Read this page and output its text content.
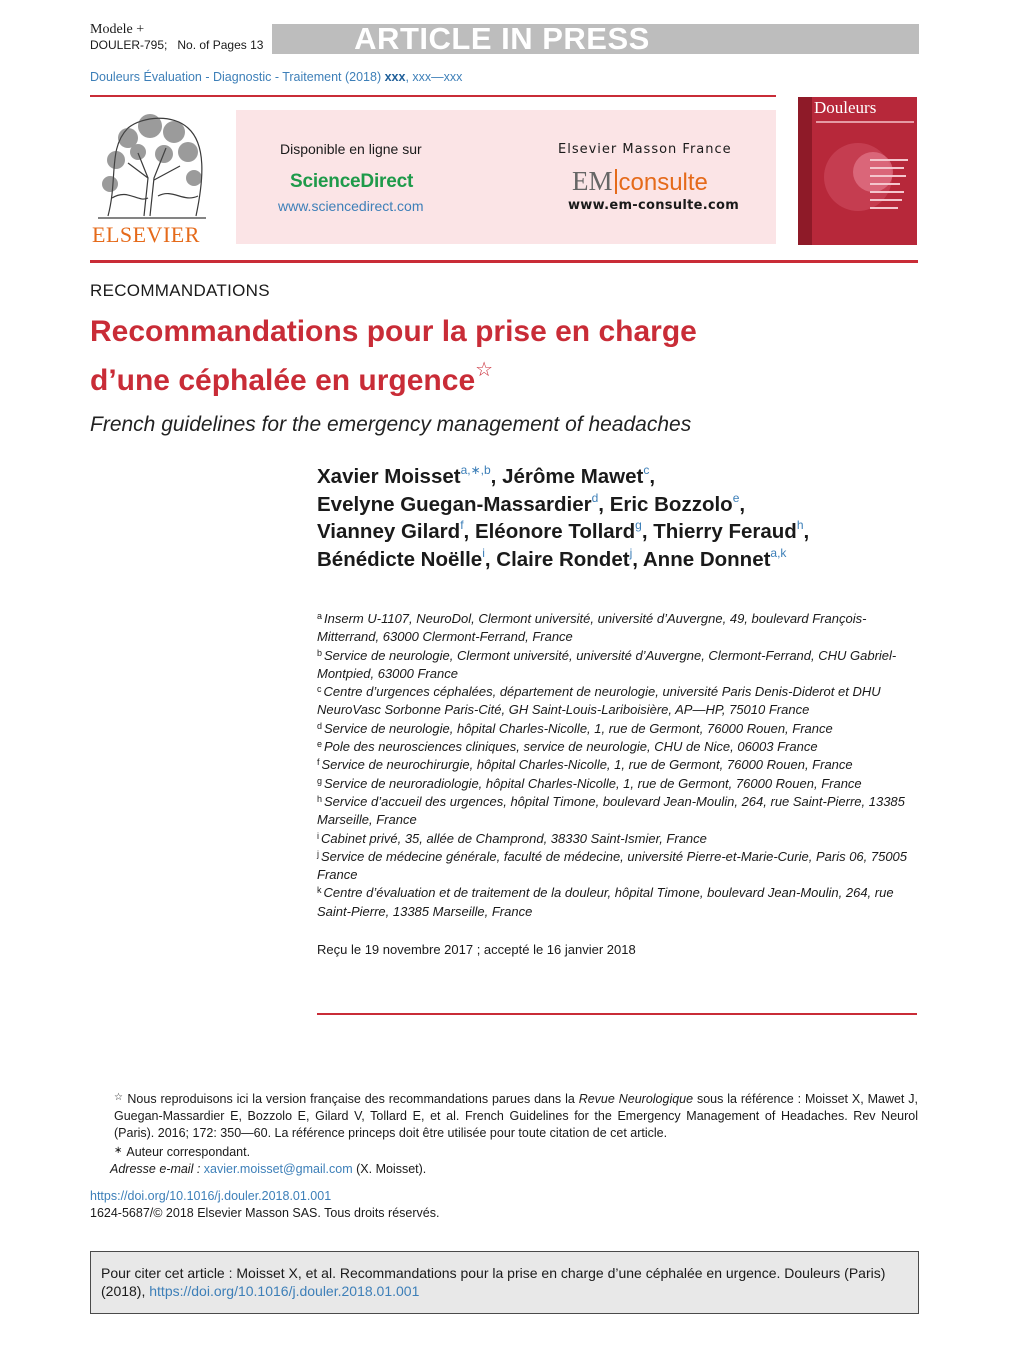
Modele +
DOULER-795; No. of Pages 13	ARTICLE IN PRESS
Douleurs Évaluation - Diagnostic - Traitement (2018) xxx, xxx—xxx
ELSEVIER
Disponible en ligne sur
ScienceDirect
www.sciencedirect.com
Elsevier Masson France
EM consulte
www.em-consulte.com
Douleurs
RECOMMANDATIONS
Recommandations pour la prise en charge
d’une céphalée en urgence☆
French guidelines for the emergency management of headaches
Xavier Moisset$^{a,∗,b}$, Jérôme Mawet$^c$,
Evelyne Guegan-Massardier$^d$, Eric Bozzolo$^e$,
Vianney Gilard$^f$, Eléonore Tollard$^g$, Thierry Feraud$^h$,
Bénédicte Noëlle$^i$, Claire Rondet$^j$, Anne Donnet$^{a,k}$
$^a$ Inserm U-1107, NeuroDol, Clermont université, université d’Auvergne, 49, boulevard François-Mitterrand, 63000 Clermont-Ferrand, France
$^b$ Service de neurologie, Clermont université, université d’Auvergne, Clermont-Ferrand, CHU Gabriel-Montpied, 63000 France
$^c$ Centre d’urgences céphalées, département de neurologie, université Paris Denis-Diderot et DHU NeuroVasc Sorbonne Paris-Cité, GH Saint-Louis-Lariboisière, AP—HP, 75010 France
$^d$ Service de neurologie, hôpital Charles-Nicolle, 1, rue de Germont, 76000 Rouen, France
$^e$ Pole des neurosciences cliniques, service de neurologie, CHU de Nice, 06003 France
$^f$ Service de neurochirurgie, hôpital Charles-Nicolle, 1, rue de Germont, 76000 Rouen, France
$^g$ Service de neuroradiologie, hôpital Charles-Nicolle, 1, rue de Germont, 76000 Rouen, France
$^h$ Service d’accueil des urgences, hôpital Timone, boulevard Jean-Moulin, 264, rue Saint-Pierre, 13385 Marseille, France
$^i$ Cabinet privé, 35, allée de Champrond, 38330 Saint-Ismier, France
$^j$ Service de médecine générale, faculté de médecine, université Pierre-et-Marie-Curie, Paris 06, 75005 France
$^k$ Centre d’évaluation et de traitement de la douleur, hôpital Timone, boulevard Jean-Moulin, 264, rue Saint-Pierre, 13385 Marseille, France
Reçu le 19 novembre 2017 ; accepté le 16 janvier 2018
☆ Nous reproduisons ici la version française des recommandations parues dans la Revue Neurologique sous la référence : Moisset X, Mawet J, Guegan-Massardier E, Bozzolo E, Gilard V, Tollard E, et al. French Guidelines for the Emergency Management of Headaches. Rev Neurol (Paris). 2016; 172: 350—60. La référence princeps doit être utilisée pour toute citation de cet article.
∗ Auteur correspondant.
Adresse e-mail : xavier.moisset@gmail.com (X. Moisset).
https://doi.org/10.1016/j.douler.2018.01.001
1624-5687/© 2018 Elsevier Masson SAS. Tous droits réservés.
Pour citer cet article : Moisset X, et al. Recommandations pour la prise en charge d’une céphalée en urgence. Douleurs (Paris) (2018), https://doi.org/10.1016/j.douler.2018.01.001
